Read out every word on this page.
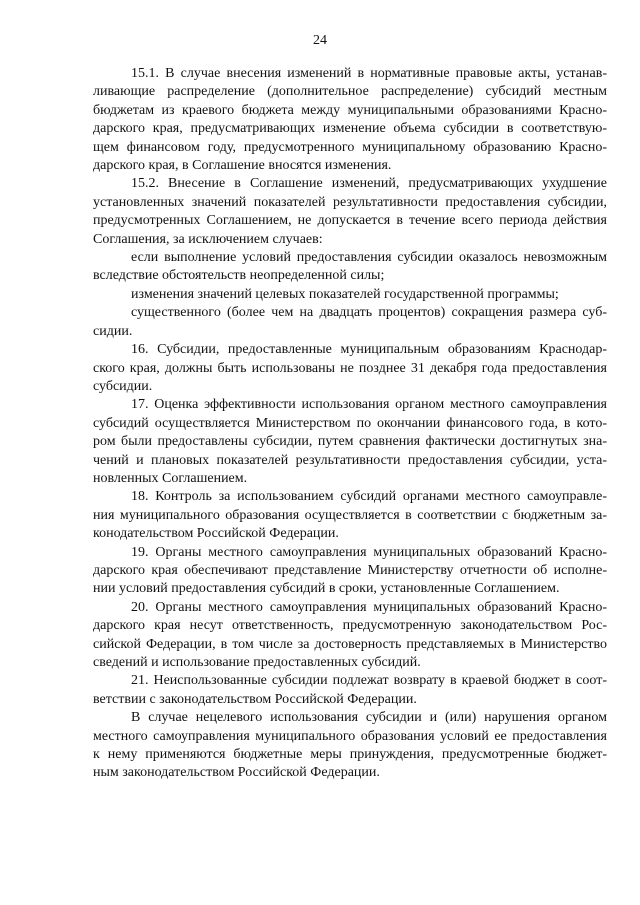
24
15.1. В случае внесения изменений в нормативные правовые акты, устанав-
ливающие распределение (дополнительное распределение) субсидий местным
бюджетам из краевого бюджета между муниципальными образованиями Красно-
дарского края, предусматривающих изменение объема субсидии в соответствую-
щем финансовом году, предусмотренного муниципальному образованию Красно-
дарского края, в Соглашение вносятся изменения.
15.2. Внесение в Соглашение изменений, предусматривающих ухудшение
установленных значений показателей результативности предоставления субсидии,
предусмотренных Соглашением, не допускается в течение всего периода действия
Соглашения, за исключением случаев:
если выполнение условий предоставления субсидии оказалось невозможным
вследствие обстоятельств неопределенной силы;
изменения значений целевых показателей государственной программы;
существенного (более чем на двадцать процентов) сокращения размера суб-
сидии.
16. Субсидии, предоставленные муниципальным образованиям Краснодар-
ского края, должны быть использованы не позднее 31 декабря года предоставления
субсидии.
17. Оценка эффективности использования органом местного самоуправления
субсидий осуществляется Министерством по окончании финансового года, в кото-
ром были предоставлены субсидии, путем сравнения фактически достигнутых зна-
чений и плановых показателей результативности предоставления субсидии, уста-
новленных Соглашением.
18. Контроль за использованием субсидий органами местного самоуправле-
ния муниципального образования осуществляется в соответствии с бюджетным за-
конодательством Российской Федерации.
19. Органы местного самоуправления муниципальных образований Красно-
дарского края обеспечивают представление Министерству отчетности об исполне-
нии условий предоставления субсидий в сроки, установленные Соглашением.
20. Органы местного самоуправления муниципальных образований Красно-
дарского края несут ответственность, предусмотренную законодательством Рос-
сийской Федерации, в том числе за достоверность представляемых в Министерство
сведений и использование предоставленных субсидий.
21. Неиспользованные субсидии подлежат возврату в краевой бюджет в соот-
ветствии с законодательством Российской Федерации.
В случае нецелевого использования субсидии и (или) нарушения органом
местного самоуправления муниципального образования условий ее предоставления
к нему применяются бюджетные меры принуждения, предусмотренные бюджет-
ным законодательством Российской Федерации.
